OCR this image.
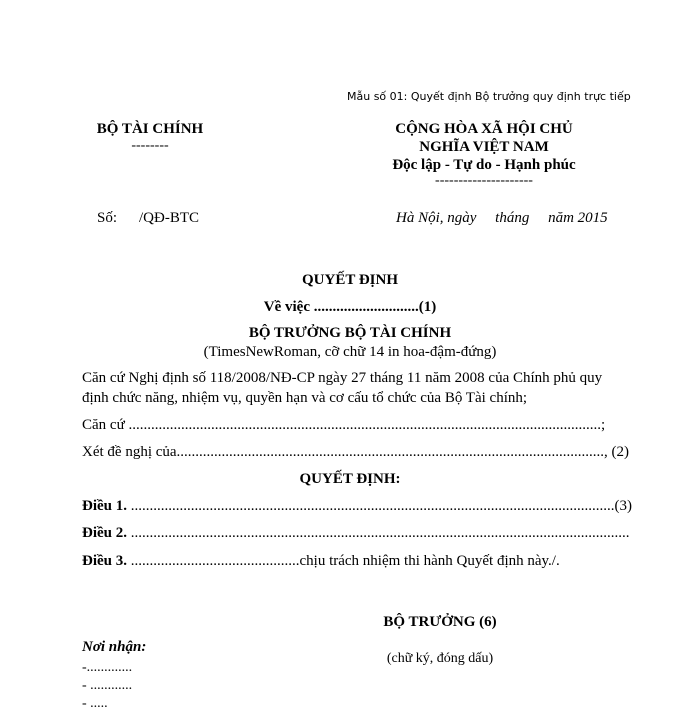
Mẫu số 01: Quyết định Bộ trưởng quy định trực tiếp
BỘ TÀI CHÍNH
--------
CỘNG HÒA XÃ HỘI CHỦ
NGHĨA VIỆT NAM
Độc lập - Tự do - Hạnh phúc
---------------------
Số: /QĐ-BTC	Hà Nội, ngày     tháng     năm 2015
QUYẾT ĐỊNH
Về việc ............................(1)
BỘ TRƯỞNG BỘ TÀI CHÍNH
(TimesNewRoman, cỡ chữ 14 in hoa-đậm-đứng)
Căn cứ Nghị định số 118/2008/NĐ-CP ngày 27 tháng 11 năm 2008 của Chính phủ quy
định chức năng, nhiệm vụ, quyền hạn và cơ cấu tổ chức của Bộ Tài chính;
Căn cứ ..............................................................................................................................;
Xét đề nghị của.................................................................................................................., (2)
QUYẾT ĐỊNH:
Điều 1. .................................................................................................................................(3)
Điều 2. .....................................................................................................................................
Điều 3. .............................................chịu trách nhiệm thi hành Quyết định này./.
BỘ TRƯỞNG (6)
(chữ ký, đóng dấu)
Nơi nhận:
-.............
- ............
- .....
